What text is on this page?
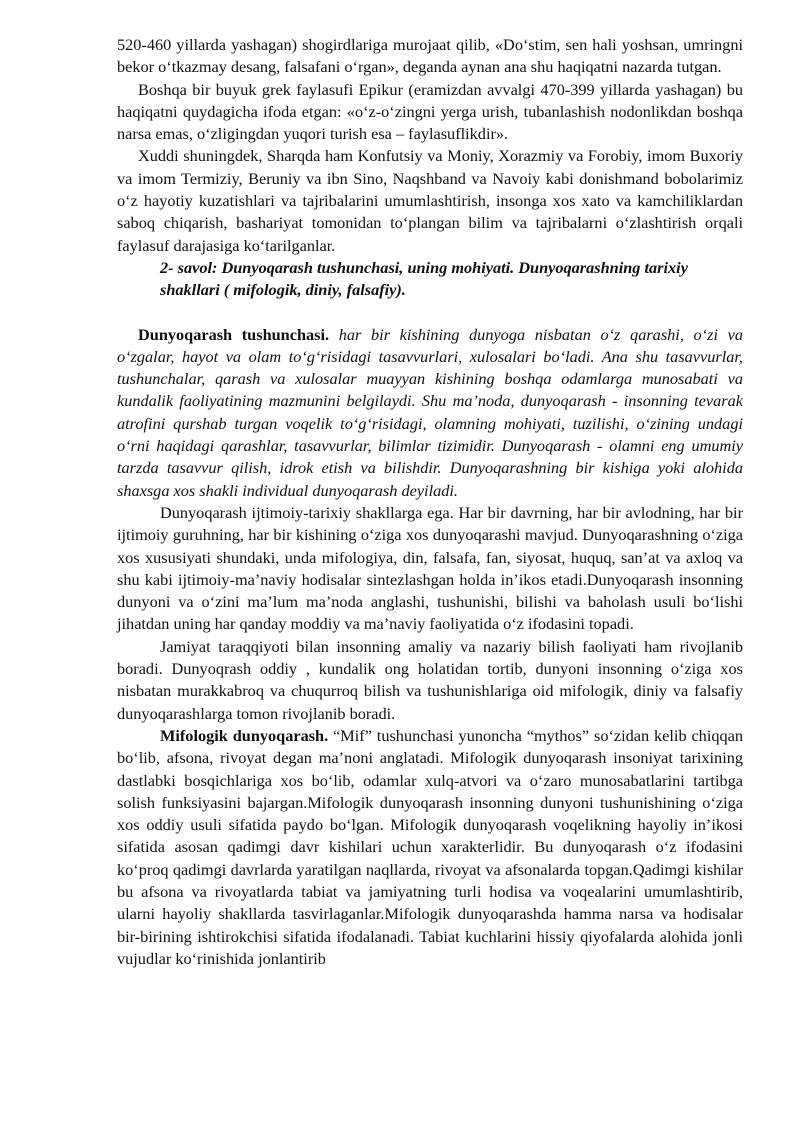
520-460 yillarda yashagan) shogirdlariga murojaat qilib, «Do‘stim, sen hali yoshsan, umringni bekor o‘tkazmay desang, falsafani o‘rgan», deganda aynan ana shu haqiqatni nazarda tutgan.

Boshqa bir buyuk grek faylasufi Epikur (eramizdan avvalgi 470-399 yillarda yashagan) bu haqiqatni quydagicha ifoda etgan: «o‘z-o‘zingni yerga urish, tubanlashish nodonlikdan boshqa narsa emas, o‘zligingdan yuqori turish esa – faylasuflikdir».

Xuddi shuningdek, Sharqda ham Konfutsiy va Moniy, Xorazmiy va Forobiy, imom Buxoriy va imom Termiziy, Beruniy va ibn Sino, Naqshband va Navoiy kabi donishmand bobolarimiz o‘z hayotiy kuzatishlari va tajribalarini umumlashtirish, insonga xos xato va kamchiliklardan saboq chiqarish, bashariyat tomonidan to‘plangan bilim va tajribalarni o‘zlashtirish orqali faylasuf darajasiga ko‘tarilganlar.

2- savol: Dunyoqarash tushunchasi, uning mohiyati. Dunyoqarashning tarixiy shakllari ( mifologik, diniy, falsafiy).

Dunyoqarash tushunchasi. har bir kishining dunyoga nisbatan o‘z qarashi, o‘zi va o‘zgalar, hayot va olam to‘g‘risidagi tasavvurlari, xulosalari bo‘ladi. Ana shu tasavvurlar, tushunchalar, qarash va xulosalar muayyan kishining boshqa odamlarga munosabati va kundalik faoliyatining mazmunini belgilaydi. Shu ma’noda, dunyoqarash - insonning tevarak atrofini qurshab turgan voqelik to‘g‘risidagi, olamning mohiyati, tuzilishi, o‘zining undagi o‘rni haqidagi qarashlar, tasavvurlar, bilimlar tizimidir. Dunyoqarash - olamni eng umumiy tarzda tasavvur qilish, idrok etish va bilishdir. Dunyoqarashning bir kishiga yoki alohida shaxsga xos shakli individual dunyoqarash deyiladi.

Dunyoqarash ijtimoiy-tarixiy shakllarga ega. Har bir davrning, har bir avlodning, har bir ijtimoiy guruhning, har bir kishining o‘ziga xos dunyoqarashi mavjud. Dunyoqarashning o‘ziga xos xususiyati shundaki, unda mifologiya, din, falsafa, fan, siyosat, huquq, san’at va axloq va shu kabi ijtimoiy-ma’naviy hodisalar sintezlashgan holda in’ikos etadi.Dunyoqarash insonning dunyoni va o‘zini ma’lum ma’noda anglashi, tushunishi, bilishi va baholash usuli bo‘lishi jihatdan uning har qanday moddiy va ma’naviy faoliyatida o‘z ifodasini topadi.

Jamiyat taraqqiyoti bilan insonning amaliy va nazariy bilish faoliyati ham rivojlanib boradi. Dunyoqrash oddiy , kundalik ong holatidan tortib, dunyoni insonning o‘ziga xos nisbatan murakkabroq va chuqurroq bilish va tushunishlariga oid mifologik, diniy va falsafiy dunyoqarashlarga tomon rivojlanib boradi.

Mifologik dunyoqarash. “Mif” tushunchasi yunoncha “mythos” so‘zidan kelib chiqqan bo‘lib, afsona, rivoyat degan ma’noni anglatadi. Mifologik dunyoqarash insoniyat tarixining dastlabki bosqichlariga xos bo‘lib, odamlar xulq-atvori va o‘zaro munosabatlarini tartibga solish funksiyasini bajargan.Mifologik dunyoqarash insonning dunyoni tushunishining o‘ziga xos oddiy usuli sifatida paydo bo‘lgan. Mifologik dunyoqarash voqelikning hayoliy in’ikosi sifatida asosan qadimgi davr kishilari uchun xarakterlidir. Bu dunyoqarash o‘z ifodasini ko‘proq qadimgi davrlarda yaratilgan naqllarda, rivoyat va afsonalarda topgan.Qadimgi kishilar bu afsona va rivoyatlarda tabiat va jamiyatning turli hodisa va voqealarini umumlashtirib, ularni hayoliy shakllarda tasvirlaganlar.Mifologik dunyoqarashda hamma narsa va hodisalar bir-birining ishtirokchisi sifatida ifodalanadi. Tabiat kuchlarini hissiy qiyofalarda alohida jonli vujudlar ko‘rinishida jonlantirib
